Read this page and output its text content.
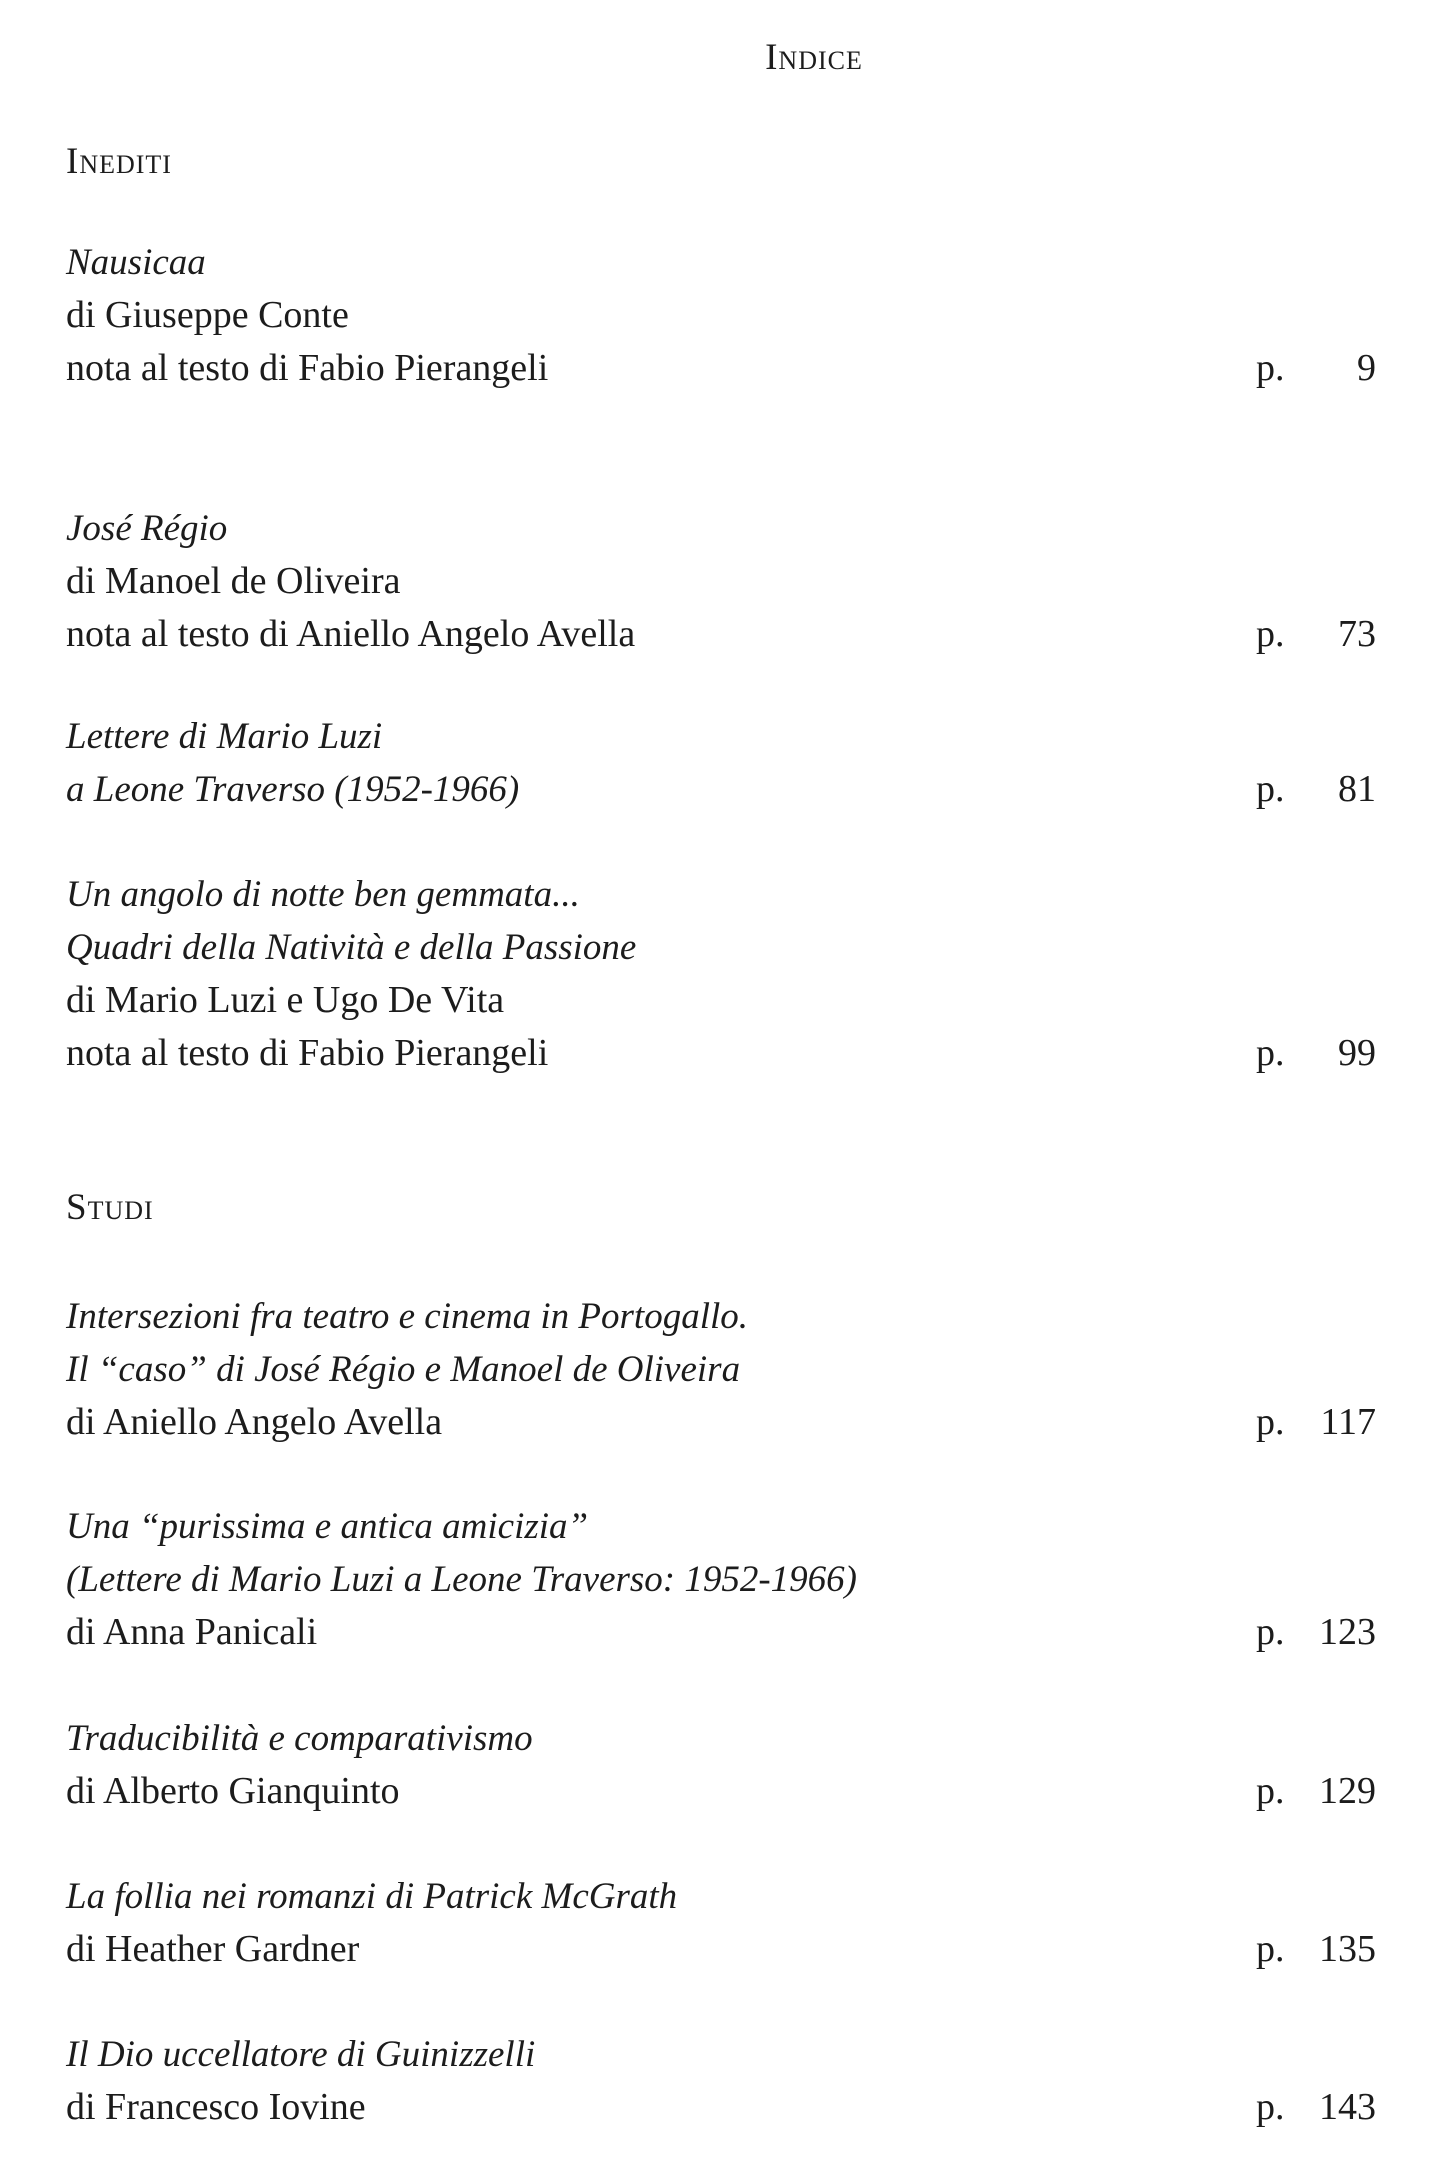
Indice
Inediti
Nausicaa
di Giuseppe Conte
nota al testo di Fabio Pierangeli	p. 9
José Régio
di Manoel de Oliveira
nota al testo di Aniello Angelo Avella	p. 73
Lettere di Mario Luzi
a Leone Traverso (1952-1966)	p. 81
Un angolo di notte ben gemmata...
Quadri della Natività e della Passione
di Mario Luzi e Ugo De Vita
nota al testo di Fabio Pierangeli	p. 99
Studi
Intersezioni fra teatro e cinema in Portogallo.
Il “caso” di José Régio e Manoel de Oliveira
di Aniello Angelo Avella	p. 117
Una “purissima e antica amicizia”
(Lettere di Mario Luzi a Leone Traverso: 1952-1966)
di Anna Panicali	p. 123
Traducibilità e comparativismo
di Alberto Gianquinto	p. 129
La follia nei romanzi di Patrick McGrath
di Heather Gardner	p. 135
Il Dio uccellatore di Guinizzelli
di Francesco Iovine	p. 143
